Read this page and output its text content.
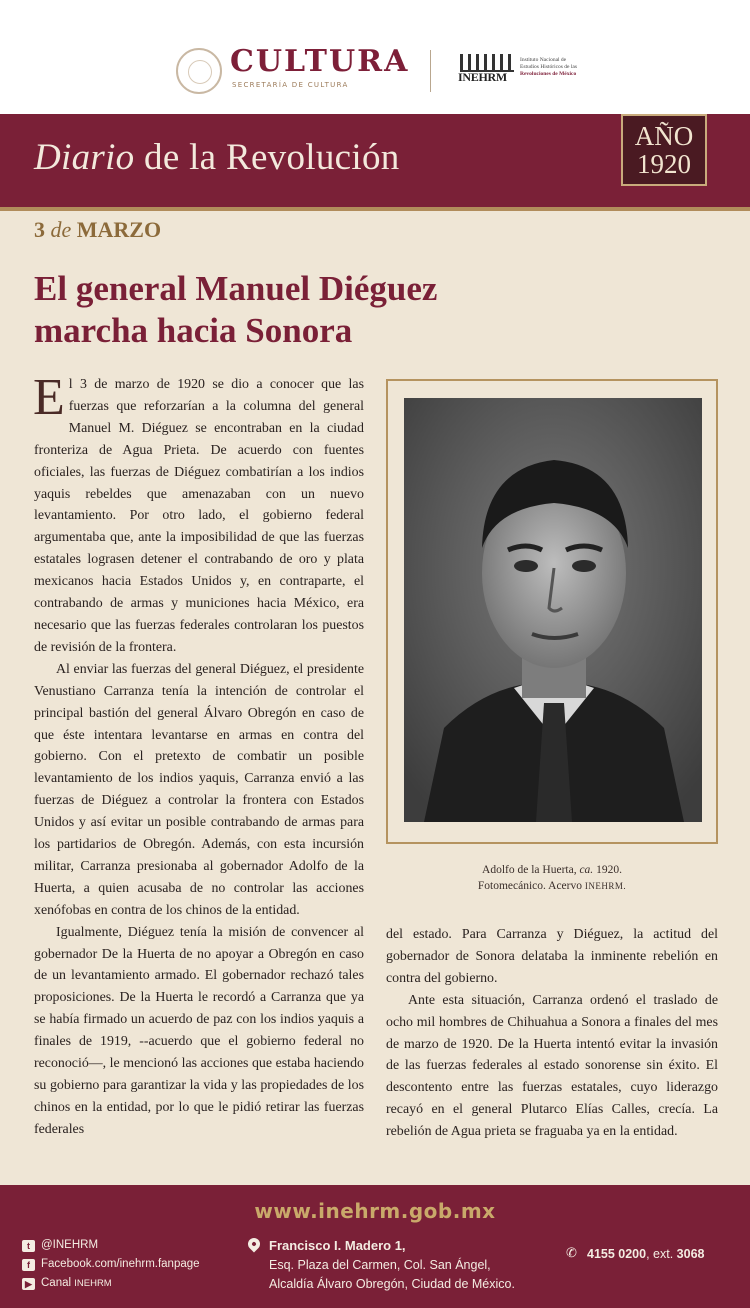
CULTURA
SECRETARÍA DE CULTURA
INEHRM
Instituto Nacional de
Estudios Históricos de las
Revoluciones de México
Diario de la Revolución
AÑO
1920
3 de MARZO
El general Manuel Diéguez
marcha hacia Sonora

El 3 de marzo de 1920 se dio a conocer que las fuerzas que reforzarían a la columna del general Manuel M. Diéguez se encontraban en la ciudad fronteriza de Agua Prieta. De acuerdo con fuentes oficiales, las fuerzas de Diéguez combatirían a los indios yaquis rebeldes que amenazaban con un nuevo levantamiento. Por otro lado, el gobierno federal argumentaba que, ante la imposibilidad de que las fuerzas estatales lograsen detener el contrabando de oro y plata mexicanos hacia Estados Unidos y, en contraparte, el contrabando de armas y municiones hacia México, era necesario que las fuerzas federales controlaran los puestos de revisión de la frontera.

Al enviar las fuerzas del general Diéguez, el presidente Venustiano Carranza tenía la intención de controlar el principal bastión del general Álvaro Obregón en caso de que éste intentara levantarse en armas en contra del gobierno. Con el pretexto de combatir un posible levantamiento de los indios yaquis, Carranza envió a las fuerzas de Diéguez a controlar la frontera con Estados Unidos y así evitar un posible contrabando de armas para los partidarios de Obregón. Además, con esta incursión militar, Carranza presionaba al gobernador Adolfo de la Huerta, a quien acusaba de no controlar las acciones xenófobas en contra de los chinos de la entidad.

Igualmente, Diéguez tenía la misión de convencer al gobernador De la Huerta de no apoyar a Obregón en caso de un levantamiento armado. El gobernador rechazó tales proposiciones. De la Huerta le recordó a Carranza que ya se había firmado un acuerdo de paz con los indios yaquis a finales de 1919, --acuerdo que el gobierno federal no reconoció—, le mencionó las acciones que estaba haciendo su gobierno para garantizar la vida y las propiedades de los chinos en la entidad, por lo que le pidió retirar las fuerzas federales

Adolfo de la Huerta, ca. 1920.
Fotomecánico. Acervo INEHRM.

del estado. Para Carranza y Diéguez, la actitud del gobernador de Sonora delataba la inminente rebelión en contra del gobierno.

Ante esta situación, Carranza ordenó el traslado de ocho mil hombres de Chihuahua a Sonora a finales del mes de marzo de 1920. De la Huerta intentó evitar la invasión de las fuerzas federales al estado sonorense sin éxito. El descontento entre las fuerzas estatales, cuyo liderazgo recayó en el general Plutarco Elías Calles, crecía. La rebelión de Agua prieta se fraguaba ya en la entidad.

www.inehrm.gob.mx
t @INEHRM
f Facebook.com/inehrm.fanpage
▶ Canal INEHRM
Francisco I. Madero 1,
Esq. Plaza del Carmen, Col. San Ángel,
Alcaldía Álvaro Obregón, Ciudad de México.
✆ 4155 0200, ext. 3068
